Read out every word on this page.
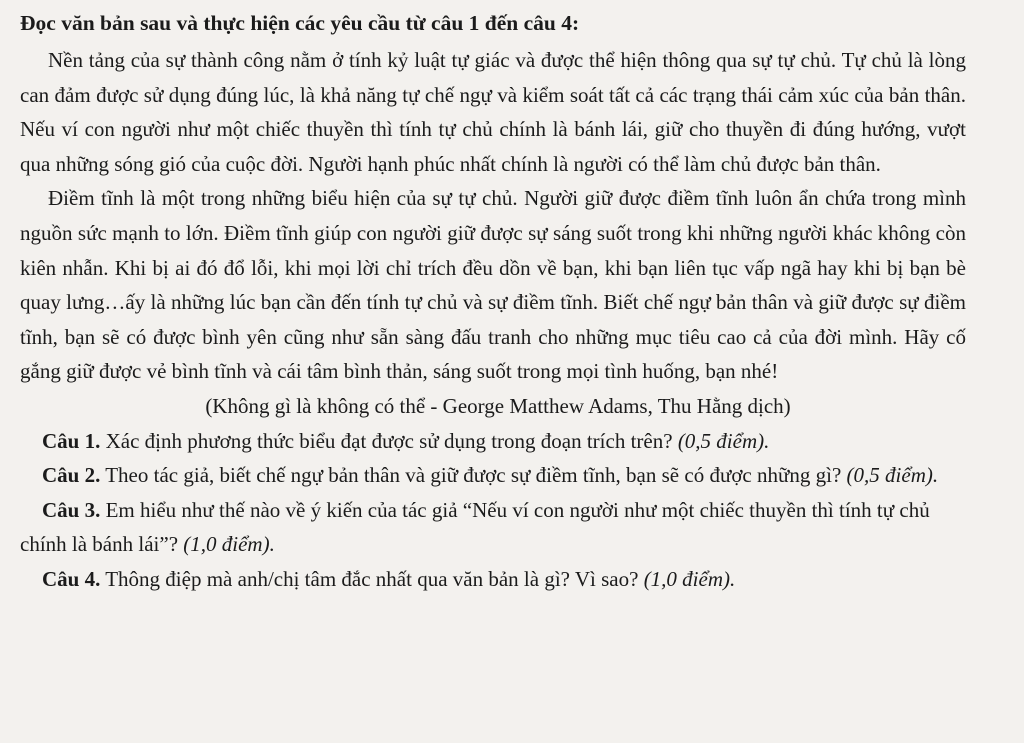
Đọc văn bản sau và thực hiện các yêu cầu từ câu 1 đến câu 4:

Nền tảng của sự thành công nằm ở tính kỷ luật tự giác và được thể hiện thông qua sự tự chủ. Tự chủ là lòng can đảm được sử dụng đúng lúc, là khả năng tự chế ngự và kiểm soát tất cả các trạng thái cảm xúc của bản thân. Nếu ví con người như một chiếc thuyền thì tính tự chủ chính là bánh lái, giữ cho thuyền đi đúng hướng, vượt qua những sóng gió của cuộc đời. Người hạnh phúc nhất chính là người có thể làm chủ được bản thân.

Điềm tĩnh là một trong những biểu hiện của sự tự chủ. Người giữ được điềm tĩnh luôn ẩn chứa trong mình nguồn sức mạnh to lớn. Điềm tĩnh giúp con người giữ được sự sáng suốt trong khi những người khác không còn kiên nhẫn. Khi bị ai đó đổ lỗi, khi mọi lời chỉ trích đều dồn về bạn, khi bạn liên tục vấp ngã hay khi bị bạn bè quay lưng…ấy là những lúc bạn cần đến tính tự chủ và sự điềm tĩnh. Biết chế ngự bản thân và giữ được sự điềm tĩnh, bạn sẽ có được bình yên cũng như sẵn sàng đấu tranh cho những mục tiêu cao cả của đời mình. Hãy cố gắng giữ được vẻ bình tĩnh và cái tâm bình thản, sáng suốt trong mọi tình huống, bạn nhé!

(Không gì là không có thể - George Matthew Adams, Thu Hằng dịch)

Câu 1. Xác định phương thức biểu đạt được sử dụng trong đoạn trích trên? (0,5 điểm).

Câu 2. Theo tác giả, biết chế ngự bản thân và giữ được sự điềm tĩnh, bạn sẽ có được những gì? (0,5 điểm).

Câu 3. Em hiểu như thế nào về ý kiến của tác giả “Nếu ví con người như một chiếc thuyền thì tính tự chủ chính là bánh lái”? (1,0 điểm).

Câu 4. Thông điệp mà anh/chị tâm đắc nhất qua văn bản là gì? Vì sao? (1,0 điểm).
